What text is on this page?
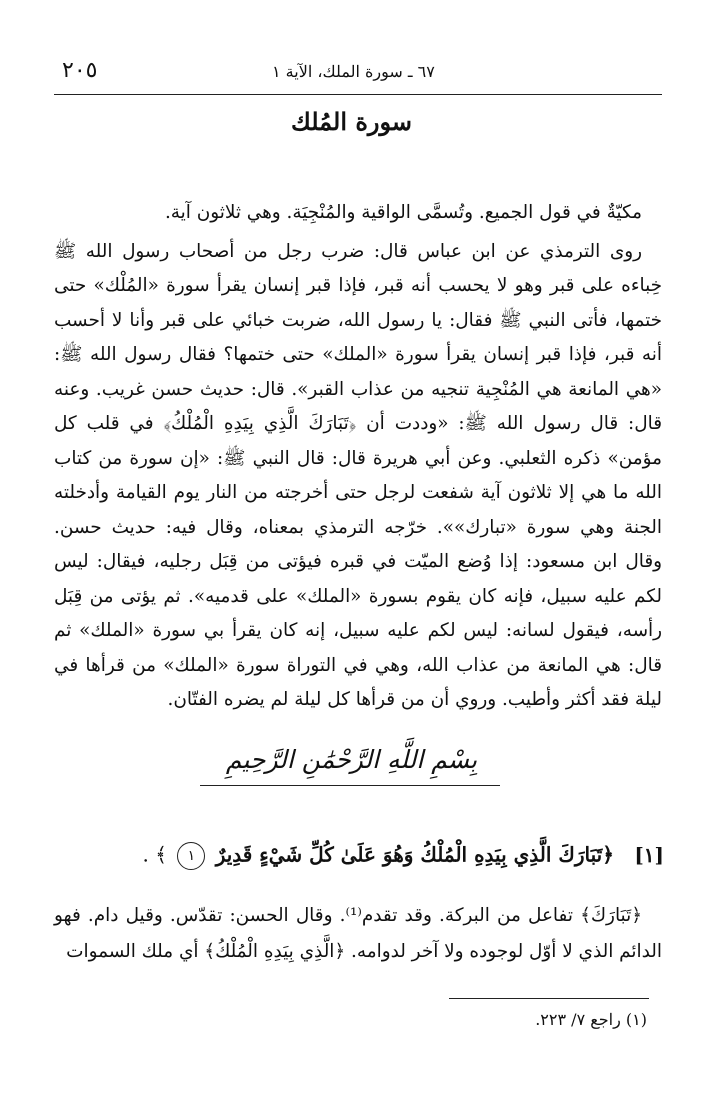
٢٠٥	٦٧ ـ سورة الملك، الآية ١
سورة المُلك

مكيّةٌ في قول الجميع. وتُسمَّى الواقية والمُنْجِيَة. وهي ثلاثون آية.

روى الترمذي عن ابن عباس قال: ضرب رجل من أصحاب رسول الله ﷺ خِباءه على قبر وهو لا يحسب أنه قبر، فإذا قبر إنسان يقرأ سورة «المُلْك» حتى ختمها، فأتى النبي ﷺ فقال: يا رسول الله، ضربت خبائي على قبر وأنا لا أحسب أنه قبر، فإذا قبر إنسان يقرأ سورة «الملك» حتى ختمها؟ فقال رسول الله ﷺ: «هي المانعة هي المُنْجِية تنجيه من عذاب القبر». قال: حديث حسن غريب. وعنه قال: قال رسول الله ﷺ: «وددت أن ﴿تَبَارَكَ الَّذِي بِيَدِهِ الْمُلْكُ﴾ في قلب كل مؤمن» ذكره الثعلبي. وعن أبي هريرة قال: قال النبي ﷺ: «إن سورة من كتاب الله ما هي إلا ثلاثون آية شفعت لرجل حتى أخرجته من النار يوم القيامة وأدخلته الجنة وهي سورة «تبارك»». خرّجه الترمذي بمعناه، وقال فيه: حديث حسن. وقال ابن مسعود: إذا وُضع الميّت في قبره فيؤتى من قِبَل رجليه، فيقال: ليس لكم عليه سبيل، فإنه كان يقوم بسورة «الملك» على قدميه». ثم يؤتى من قِبَل رأسه، فيقول لسانه: ليس لكم عليه سبيل، إنه كان يقرأ بي سورة «الملك» ثم قال: هي المانعة من عذاب الله، وهي في التوراة سورة «الملك» من قرأها في ليلة فقد أكثر وأطيب. وروي أن من قرأها كل ليلة لم يضره الفتّان.

بِسْمِ اللَّهِ الرَّحْمَٰنِ الرَّحِيمِ
[١] ﴿تَبَارَكَ الَّذِي بِيَدِهِ الْمُلْكُ وَهُوَ عَلَىٰ كُلِّ شَيْءٍ قَدِيرٌ ١ ﴾ .

﴿تَبَارَكَ﴾ تفاعل من البركة. وقد تقدم⁽¹⁾. وقال الحسن: تقدّس. وقيل دام. فهو الدائم الذي لا أوّل لوجوده ولا آخر لدوامه. ﴿الَّذِي بِيَدِهِ الْمُلْكُ﴾ أي ملك السموات

(١) راجع ٧/ ٢٢٣.
